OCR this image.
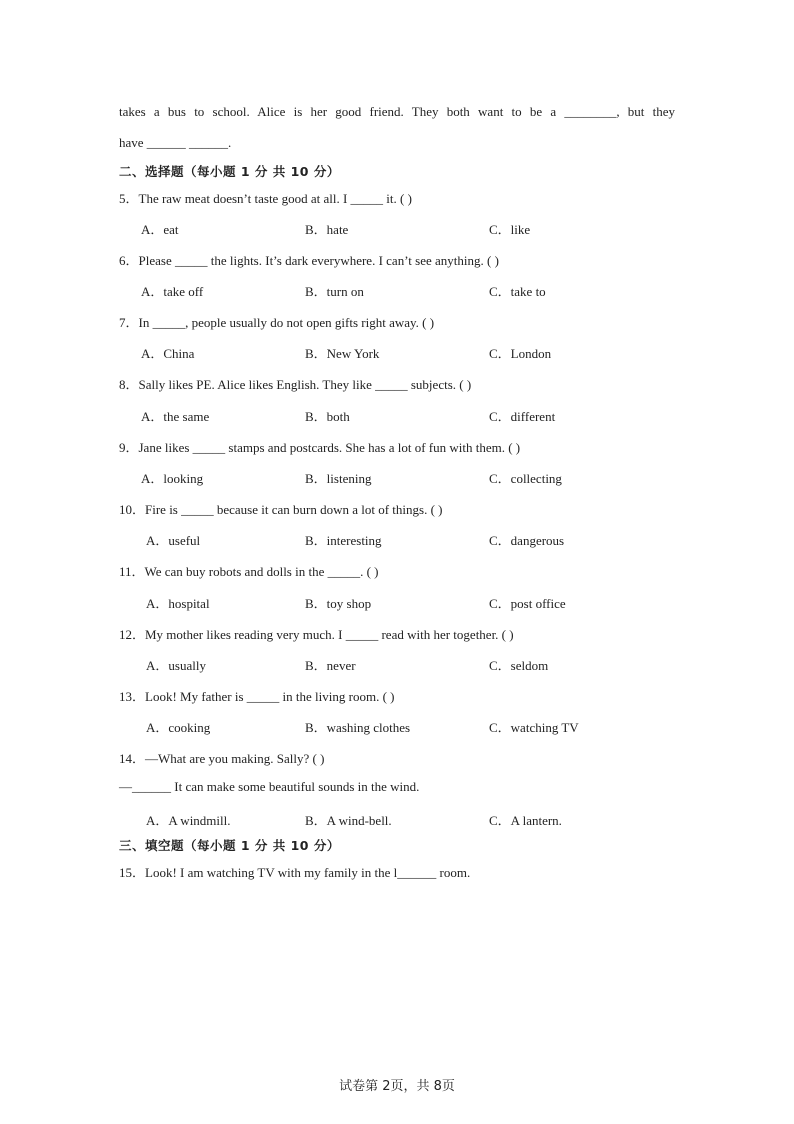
takes a bus to school. Alice is her good friend. They both want to be a ________, but they
have ______ ______.
二、选择题（每小题 1 分 共 10 分）
5．The raw meat doesn’t taste good at all. I _____ it. ( )
A．eat	B．hate	C．like
6．Please _____ the lights. It’s dark everywhere. I can’t see anything. ( )
A．take off	B．turn on	C．take to
7．In _____, people usually do not open gifts right away. ( )
A．China	B．New York	C．London
8．Sally likes PE. Alice likes English. They like _____ subjects. ( )
A．the same	B．both	C．different
9．Jane likes _____ stamps and postcards. She has a lot of fun with them. ( )
A．looking	B．listening	C．collecting
10．Fire is _____ because it can burn down a lot of things. ( )
A．useful	B．interesting	C．dangerous
11．We can buy robots and dolls in the _____. ( )
A．hospital	B．toy shop	C．post office
12．My mother likes reading very much. I _____ read with her together. ( )
A．usually	B．never	C．seldom
13．Look! My father is _____ in the living room. ( )
A．cooking	B．washing clothes	C．watching TV
14．—What are you making. Sally? ( )
—______ It can make some beautiful sounds in the wind.
A．A windmill.	B．A wind-bell.	C．A lantern.
三、填空题（每小题 1 分 共 10 分）
15．Look! I am watching TV with my family in the l______ room.
试卷第 2页，共 8页
